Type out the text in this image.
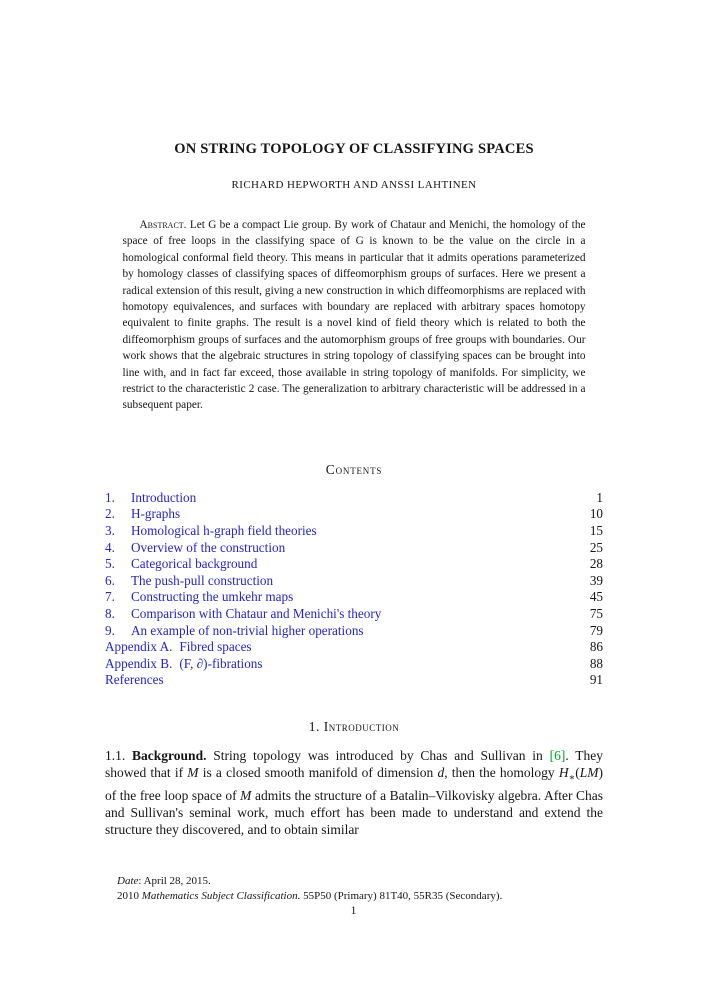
ON STRING TOPOLOGY OF CLASSIFYING SPACES
RICHARD HEPWORTH AND ANSSI LAHTINEN

Abstract. Let G be a compact Lie group. By work of Chataur and Menichi, the homology of the space of free loops in the classifying space of G is known to be the value on the circle in a homological conformal field theory. This means in particular that it admits operations parameterized by homology classes of classifying spaces of diffeomorphism groups of surfaces. Here we present a radical extension of this result, giving a new construction in which diffeomorphisms are replaced with homotopy equivalences, and surfaces with boundary are replaced with arbitrary spaces homotopy equivalent to finite graphs. The result is a novel kind of field theory which is related to both the diffeomorphism groups of surfaces and the automorphism groups of free groups with boundaries. Our work shows that the algebraic structures in string topology of classifying spaces can be brought into line with, and in fact far exceed, those available in string topology of manifolds. For simplicity, we restrict to the characteristic 2 case. The generalization to arbitrary characteristic will be addressed in a subsequent paper.

Contents
1.	Introduction	1
2.	H-graphs	10
3.	Homological h-graph field theories	15
4.	Overview of the construction	25
5.	Categorical background	28
6.	The push-pull construction	39
7.	Constructing the umkehr maps	45
8.	Comparison with Chataur and Menichi's theory	75
9.	An example of non-trivial higher operations	79
Appendix A. Fibred spaces	86
Appendix B. (F, ∂)-fibrations	88
References	91
1. Introduction

1.1. Background. String topology was introduced by Chas and Sullivan in [6]. They showed that if M is a closed smooth manifold of dimension d, then the homology $H_∗(LM)$ of the free loop space of M admits the structure of a Batalin–Vilkovisky algebra. After Chas and Sullivan's seminal work, much effort has been made to understand and extend the structure they discovered, and to obtain similar

Date: April 28, 2015.

2010 Mathematics Subject Classification. 55P50 (Primary) 81T40, 55R35 (Secondary).

1
